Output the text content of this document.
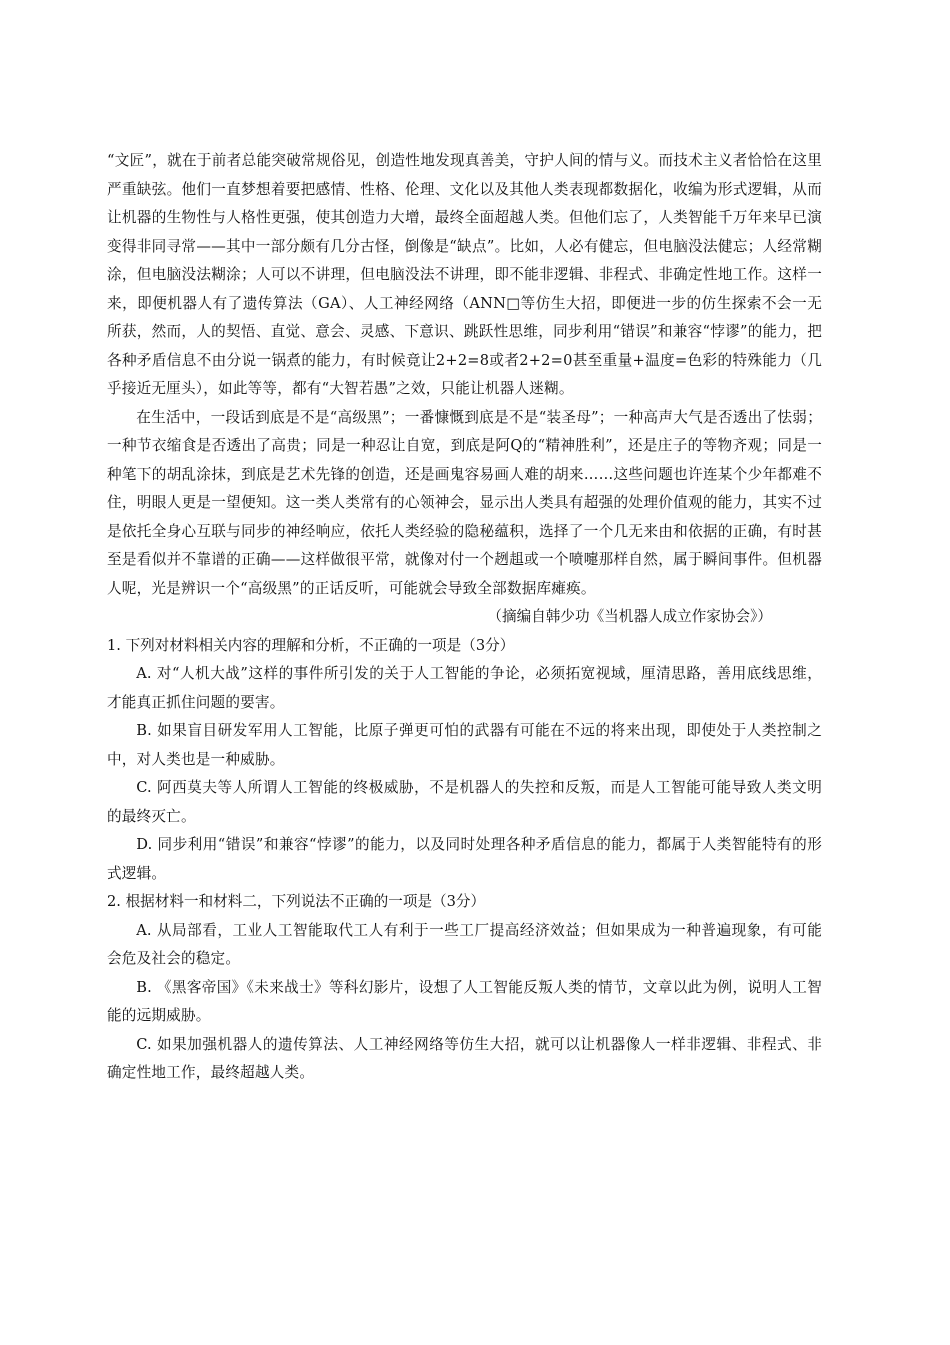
“文匠”，就在于前者总能突破常规俗见，创造性地发现真善美，守护人间的情与义。而技术主义者恰恰在这里严重缺弦。他们一直梦想着要把感情、性格、伦理、文化以及其他人类表现都数据化，收编为形式逻辑，从而让机器的生物性与人格性更强，使其创造力大增，最终全面超越人类。但他们忘了，人类智能千万年来早已演变得非同寻常——其中一部分颇有几分古怪，倒像是“缺点”。比如，人必有健忘，但电脑没法健忘；人经常糊涂，但电脑没法糊涂；人可以不讲理，但电脑没法不讲理，即不能非逻辑、非程式、非确定性地工作。这样一来，即便机器人有了遗传算法（GA）、人工神经网络（ANN□等仿生大招，即便进一步的仿生探索不会一无所获，然而，人的契悟、直觉、意会、灵感、下意识、跳跃性思维，同步利用“错误”和兼容“悖谬”的能力，把各种矛盾信息不由分说一锅煮的能力，有时候竟让2+2=8或者2+2=0甚至重量+温度=色彩的特殊能力（几乎接近无厘头），如此等等，都有“大智若愚”之效，只能让机器人迷糊。

在生活中，一段话到底是不是“高级黑”；一番慷慨到底是不是“装圣母”；一种高声大气是否透出了怯弱；一种节衣缩食是否透出了高贵；同是一种忍让自宽，到底是阿Q的“精神胜利”，还是庄子的等物齐观；同是一种笔下的胡乱涂抹，到底是艺术先锋的创造，还是画鬼容易画人难的胡来……这些问题也许连某个少年都难不住，明眼人更是一望便知。这一类人类常有的心领神会，显示出人类具有超强的处理价值观的能力，其实不过是依托全身心互联与同步的神经响应，依托人类经验的隐秘蕴积，选择了一个几无来由和依据的正确，有时甚至是看似并不靠谱的正确——这样做很平常，就像对付一个趔趄或一个喷嚏那样自然，属于瞬间事件。但机器人呢，光是辨识一个“高级黑”的正话反听，可能就会导致全部数据库瘫痪。

（摘编自韩少功《当机器人成立作家协会》）

1. 下列对材料相关内容的理解和分析，不正确的一项是（3分）

A. 对“人机大战”这样的事件所引发的关于人工智能的争论，必须拓宽视域，厘清思路，善用底线思维，才能真正抓住问题的要害。

B. 如果盲目研发军用人工智能，比原子弹更可怕的武器有可能在不远的将来出现，即使处于人类控制之中，对人类也是一种威胁。

C. 阿西莫夫等人所谓人工智能的终极威胁，不是机器人的失控和反叛，而是人工智能可能导致人类文明的最终灭亡。

D. 同步利用“错误”和兼容“悖谬”的能力，以及同时处理各种矛盾信息的能力，都属于人类智能特有的形式逻辑。

2. 根据材料一和材料二，下列说法不正确的一项是（3分）

A. 从局部看，工业人工智能取代工人有利于一些工厂提高经济效益；但如果成为一种普遍现象，有可能会危及社会的稳定。

B. 《黑客帝国》《未来战士》等科幻影片，设想了人工智能反叛人类的情节，文章以此为例，说明人工智能的远期威胁。

C. 如果加强机器人的遗传算法、人工神经网络等仿生大招，就可以让机器像人一样非逻辑、非程式、非确定性地工作，最终超越人类。
